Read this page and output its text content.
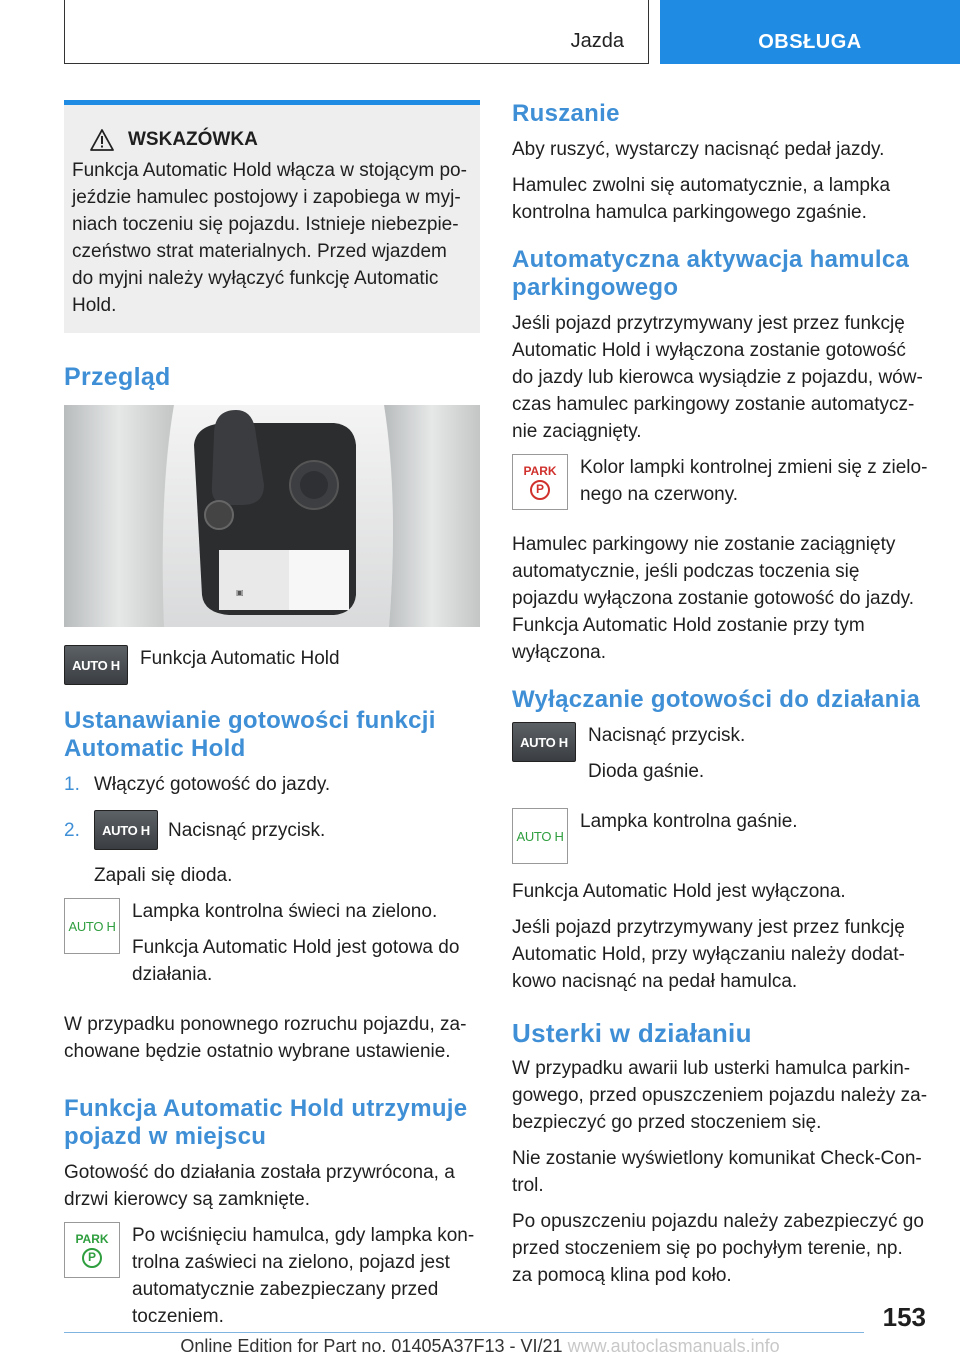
Jazda	OBSŁUGA
WSKAZÓWKA

Funkcja Automatic Hold włącza w stojącym pojeździe hamulec postojowy i zapobiega w myjniach toczeniu się pojazdu. Istnieje niebezpieczeństwo strat materialnych. Przed wjazdem do myjni należy wyłączyć funkcję Automatic Hold.

Przegląd
▣
AUTO H Funkcja Automatic Hold

Ustanawianie gotowości funkcji Automatic Hold
1. Włączyć gotowość do jazdy.
2.	AUTO H Nacisnąć przycisk.

Zapali się dioda.

AUTO H

Lampka kontrolna świeci na zielono.

Funkcja Automatic Hold jest gotowa do działania.

W przypadku ponownego rozruchu pojazdu, zachowane będzie ostatnio wybrane ustawienie.

Funkcja Automatic Hold utrzymuje pojazd w miejscu

Gotowość do działania została przywrócona, a drzwi kierowcy są zamknięte.

PARK
P

Po wciśnięciu hamulca, gdy lampka kontrolna zaświeci na zielono, pojazd jest automatycznie zabezpieczany przed toczeniem.

Ruszanie

Aby ruszyć, wystarczy nacisnąć pedał jazdy.

Hamulec zwolni się automatycznie, a lampka kontrolna hamulca parkingowego zgaśnie.

Automatyczna aktywacja hamulca parkingowego

Jeśli pojazd przytrzymywany jest przez funkcję Automatic Hold i wyłączona zostanie gotowość do jazdy lub kierowca wysiądzie z pojazdu, wówczas hamulec parkingowy zostanie automatycznie zaciągnięty.

PARK
P

Kolor lampki kontrolnej zmieni się z zielonego na czerwony.

Hamulec parkingowy nie zostanie zaciągnięty automatycznie, jeśli podczas toczenia się pojazdu wyłączona zostanie gotowość do jazdy. Funkcja Automatic Hold zostanie przy tym wyłączona.

Wyłączanie gotowości do działania
AUTO H Nacisnąć przycisk.

Dioda gaśnie.

AUTO H

Lampka kontrolna gaśnie.

Funkcja Automatic Hold jest wyłączona.

Jeśli pojazd przytrzymywany jest przez funkcję Automatic Hold, przy wyłączaniu należy dodatkowo nacisnąć na pedał hamulca.

Usterki w działaniu

W przypadku awarii lub usterki hamulca parkingowego, przed opuszczeniem pojazdu należy zabezpieczyć go przed stoczeniem się.

Nie zostanie wyświetlony komunikat Check-Control.

Po opuszczeniu pojazdu należy zabezpieczyć go przed stoczeniem się po pochyłym terenie, np. za pomocą klina pod koło.

153
Online Edition for Part no. 01405A37F13 - VI/21 www.autoclasmanuals.info
